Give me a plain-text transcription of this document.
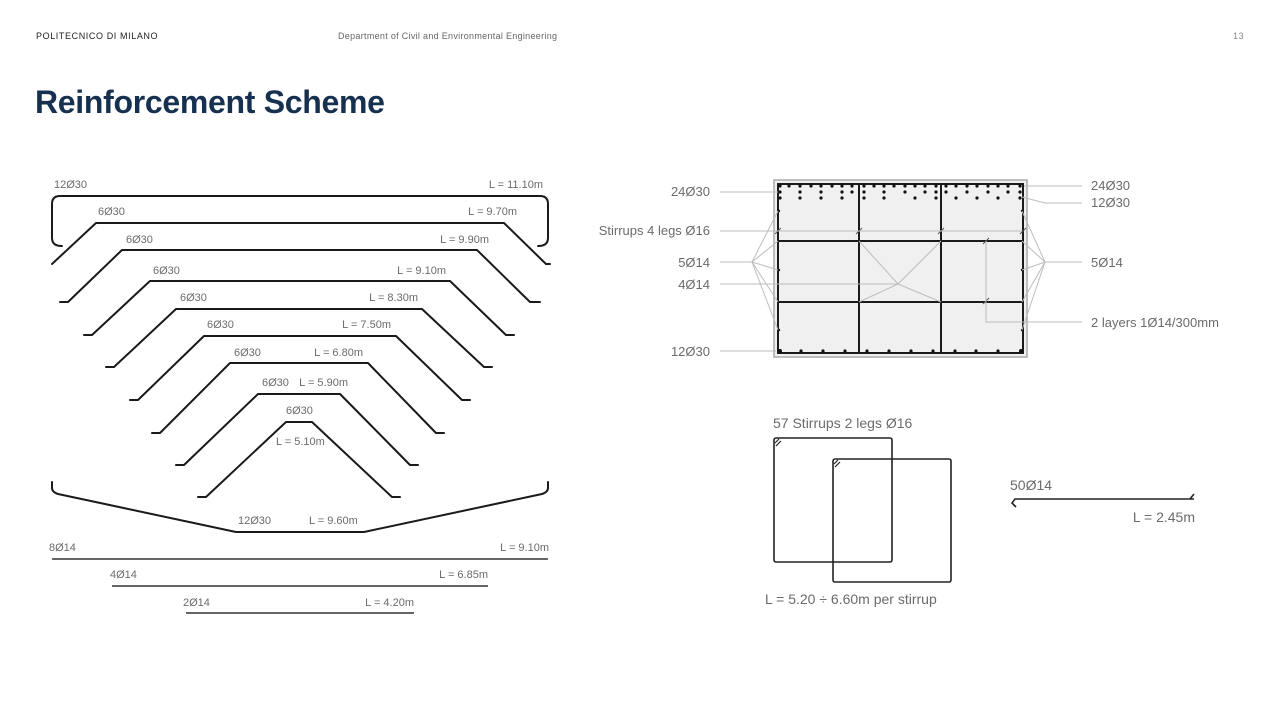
POLITECNICO DI MILANO	Department of Civil and Environmental Engineering	13
Reinforcement Scheme
12Ø30	L = 11.10m
6Ø30	L = 9.70m
6Ø30	L = 9.90m
6Ø30	L = 9.10m
6Ø30	L = 8.30m
6Ø30	L = 7.50m
6Ø30	L = 6.80m
6Ø30 L = 5.90m
6Ø30
L = 5.10m
12Ø30	L = 9.60m
8Ø14	L = 9.10m
4Ø14	L = 6.85m
2Ø14	L = 4.20m
24Ø30
Stirrups 4 legs Ø16
5Ø14
4Ø14
12Ø30
24Ø30
12Ø30
5Ø14
2 layers 1Ø14/300mm
57 Stirrups 2 legs Ø16
L = 5.20 ÷ 6.60m per stirrup
50Ø14
L = 2.45m
